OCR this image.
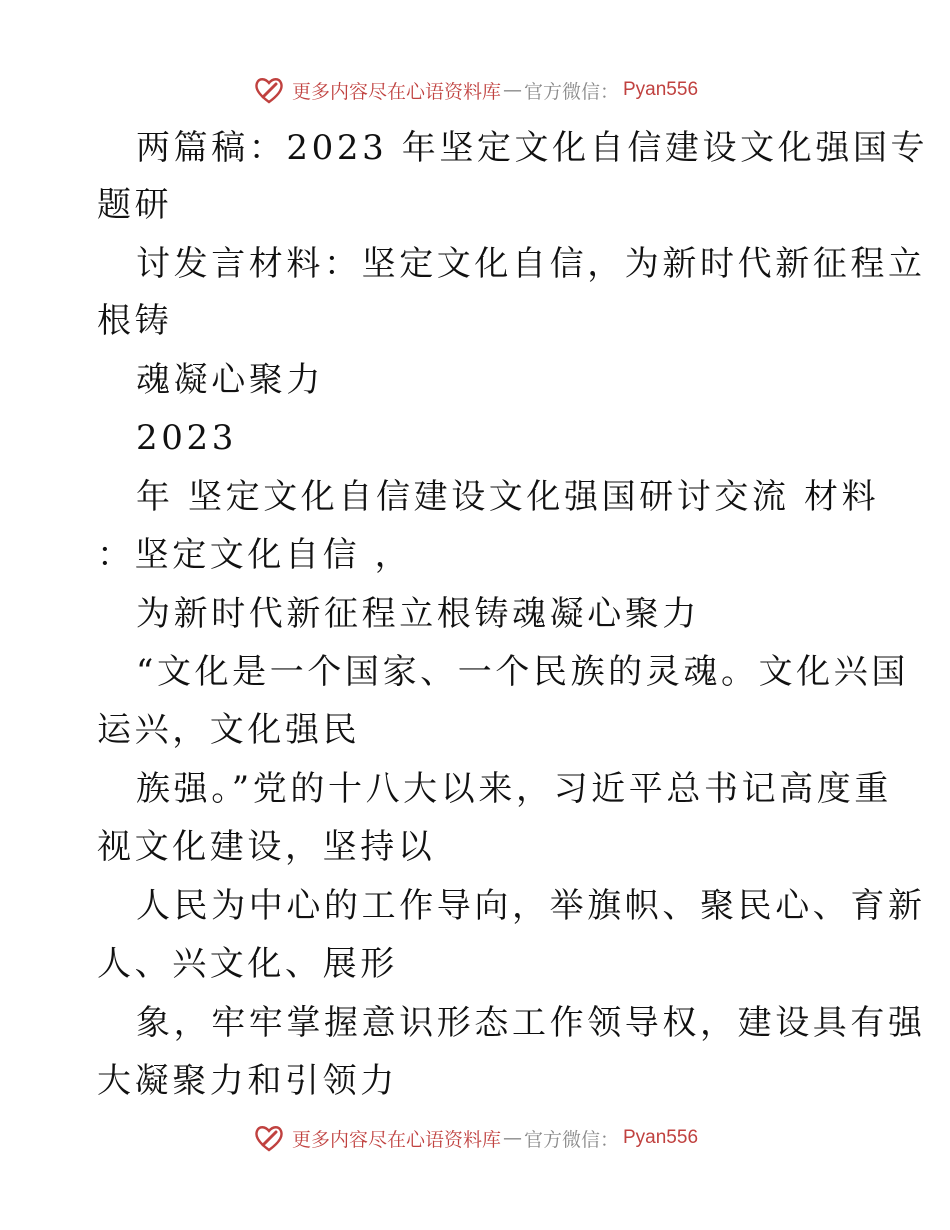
更多内容尽在心语资料库 — 官方微信： Pyan556
两篇稿：2023 年坚定文化自信建设文化强国专
题研
讨发言材料：坚定文化自信，为新时代新征程立
根铸
魂凝心聚力
2023
年 坚定文化自信建设文化强国研讨交流 材料
：坚定文化自信 ，
为新时代新征程立根铸魂凝心聚力
“文化是一个国家、一个民族的灵魂。文化兴国
运兴，文化强民
族强。”党的十八大以来，习近平总书记高度重
视文化建设，坚持以
人民为中心的工作导向，举旗帜、聚民心、育新
人、兴文化、展形
象，牢牢掌握意识形态工作领导权，建设具有强
大凝聚力和引领力
更多内容尽在心语资料库 — 官方微信： Pyan556
